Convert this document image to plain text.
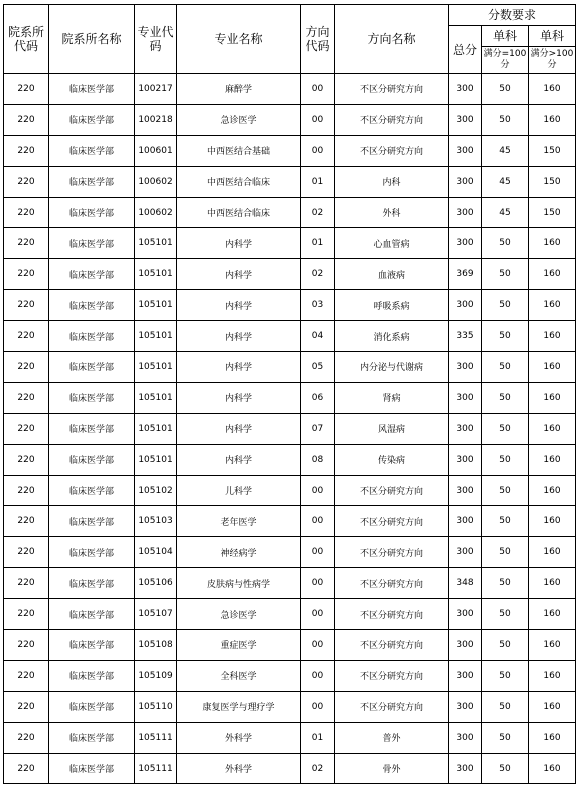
院系所代码	院系所名称	专业代码	专业名称	方向代码	方向名称	分数要求		
						总分	单科	单科
							满分=100分	满分>100分
220	临床医学部	100217	麻醉学	00	不区分研究方向	300	50	160
220	临床医学部	100218	急诊医学	00	不区分研究方向	300	50	160
220	临床医学部	100601	中西医结合基础	00	不区分研究方向	300	45	150
220	临床医学部	100602	中西医结合临床	01	内科	300	45	150
220	临床医学部	100602	中西医结合临床	02	外科	300	45	150
220	临床医学部	105101	内科学	01	心血管病	300	50	160
220	临床医学部	105101	内科学	02	血液病	369	50	160
220	临床医学部	105101	内科学	03	呼吸系病	300	50	160
220	临床医学部	105101	内科学	04	消化系病	335	50	160
220	临床医学部	105101	内科学	05	内分泌与代谢病	300	50	160
220	临床医学部	105101	内科学	06	肾病	300	50	160
220	临床医学部	105101	内科学	07	风湿病	300	50	160
220	临床医学部	105101	内科学	08	传染病	300	50	160
220	临床医学部	105102	儿科学	00	不区分研究方向	300	50	160
220	临床医学部	105103	老年医学	00	不区分研究方向	300	50	160
220	临床医学部	105104	神经病学	00	不区分研究方向	300	50	160
220	临床医学部	105106	皮肤病与性病学	00	不区分研究方向	348	50	160
220	临床医学部	105107	急诊医学	00	不区分研究方向	300	50	160
220	临床医学部	105108	重症医学	00	不区分研究方向	300	50	160
220	临床医学部	105109	全科医学	00	不区分研究方向	300	50	160
220	临床医学部	105110	康复医学与理疗学	00	不区分研究方向	300	50	160
220	临床医学部	105111	外科学	01	普外	300	50	160
220	临床医学部	105111	外科学	02	骨外	300	50	160
